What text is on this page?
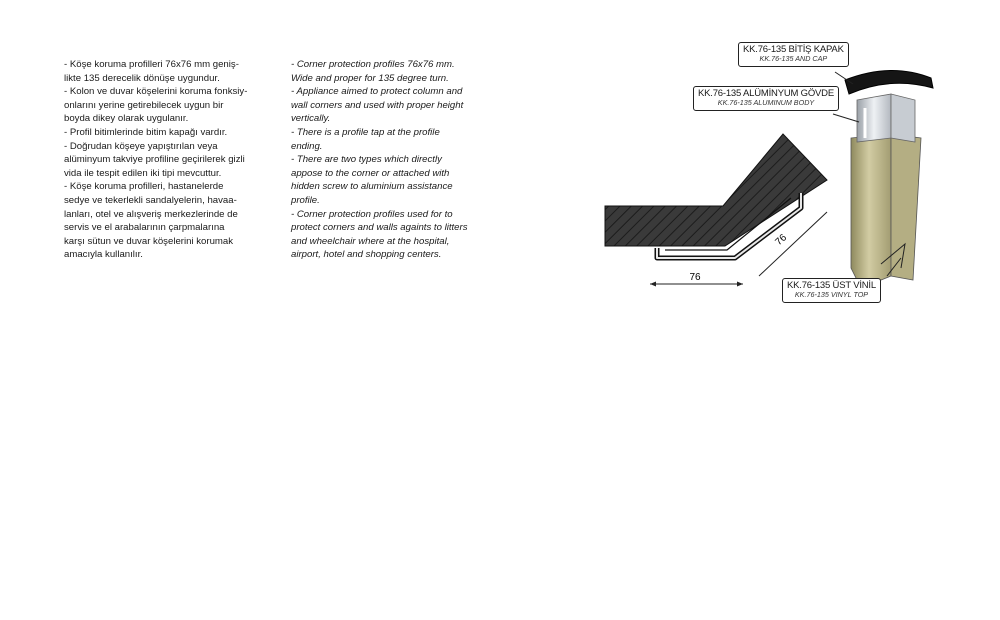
- Köşe koruma profilleri 76x76 mm geniş-
likte 135 derecelik dönüşe uygundur.
- Kolon ve duvar köşelerini koruma fonksiy-
onlarını yerine getirebilecek uygun bir
boyda dikey olarak uygulanır.
- Profil bitimlerinde bitim kapağı vardır.
- Doğrudan köşeye yapıştırılan veya
alüminyum takviye profiline geçirilerek gizli
vida ile tespit edilen iki tipi mevcuttur.
- Köşe koruma profilleri, hastanelerde
sedye ve tekerlekli sandalyelerin, havaa-
lanları, otel ve alışveriş merkezlerinde de
servis ve el arabalarının çarpmalarına
karşı sütun ve duvar köşelerini korumak
amacıyla kullanılır.
- Corner protection profiles 76x76 mm.
Wide and proper for 135 degree turn.
- Appliance aimed to protect column and
wall corners and used with proper height
vertically.
- There is a profile tap at the profile
ending.
- There are two types which directly
appose to the corner or attached with
hidden screw to aluminium assistance
profile.
- Corner protection profiles used for to
protect corners and walls againts to litters
and wheelchair where at the hospital,
airport, hotel and shopping centers.
76
76
KK.76-135 BİTİŞ KAPAK
KK.76-135 AND CAP
KK.76-135 ALÜMİNYUM GÖVDE
KK.76-135 ALUMINUM BODY
KK.76-135 ÜST VİNİL
KK.76-135 VINYL TOP
